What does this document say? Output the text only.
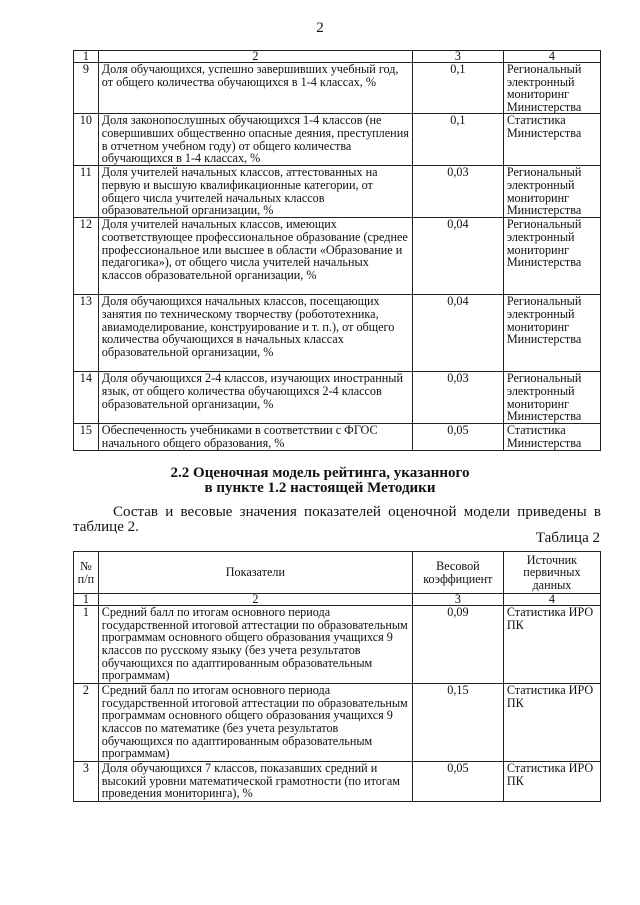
2
1	2	3	4
9	Доля обучающихся, успешно завершивших учебный год, от общего количества обучающихся в 1-4 классах, %	0,1	Региональный электронный мониторинг Министерства
10	Доля законопослушных обучающихся 1-4 классов (не совершивших общественно опасные деяния, преступления в отчетном учебном году) от общего количества обучающихся в 1-4 классах, %	0,1	Статистика Министерства
11	Доля учителей начальных классов, аттестованных на первую и высшую квалификационные категории, от общего числа учителей начальных классов образовательной организации, %	0,03	Региональный электронный мониторинг Министерства
12	Доля учителей начальных классов, имеющих соответствующее профессиональное образование (среднее профессиональное или высшее в области «Образование и педагогика»), от общего числа учителей начальных классов образовательной организации, %	0,04	Региональный электронный мониторинг Министерства
13	Доля обучающихся начальных классов, посещающих занятия по техническому творчеству (робототехника, авиамоделирование, конструирование и т. п.), от общего количества обучающихся в начальных классах образовательной организации, %	0,04	Региональный электронный мониторинг Министерства
14	Доля обучающихся 2-4 классов, изучающих иностранный язык, от общего количества обучающихся 2-4 классов образовательной организации, %	0,03	Региональный электронный мониторинг Министерства
15	Обеспеченность учебниками в соответствии с ФГОС начального общего образования, %	0,05	Статистика Министерства
2.2 Оценочная модель рейтинга, указанного
в пункте 1.2 настоящей Методики
Состав и весовые значения показателей оценочной модели приведены в таблице 2.
Таблица 2
№ п/п	Показатели	Весовой коэффициент	Источник первичных данных
1	2	3	4
1	Средний балл по итогам основного периода государственной итоговой аттестации по образовательным программам основного общего образования учащихся 9 классов по русскому языку (без учета результатов обучающихся по адаптированным образовательным программам)	0,09	Статистика ИРО ПК
2	Средний балл по итогам основного периода государственной итоговой аттестации по образовательным программам основного общего образования учащихся 9 классов по математике (без учета результатов обучающихся по адаптированным образовательным программам)	0,15	Статистика ИРО ПК
3	Доля обучающихся 7 классов, показавших средний и высокий уровни математической грамотности (по итогам проведения мониторинга), %	0,05	Статистика ИРО ПК
